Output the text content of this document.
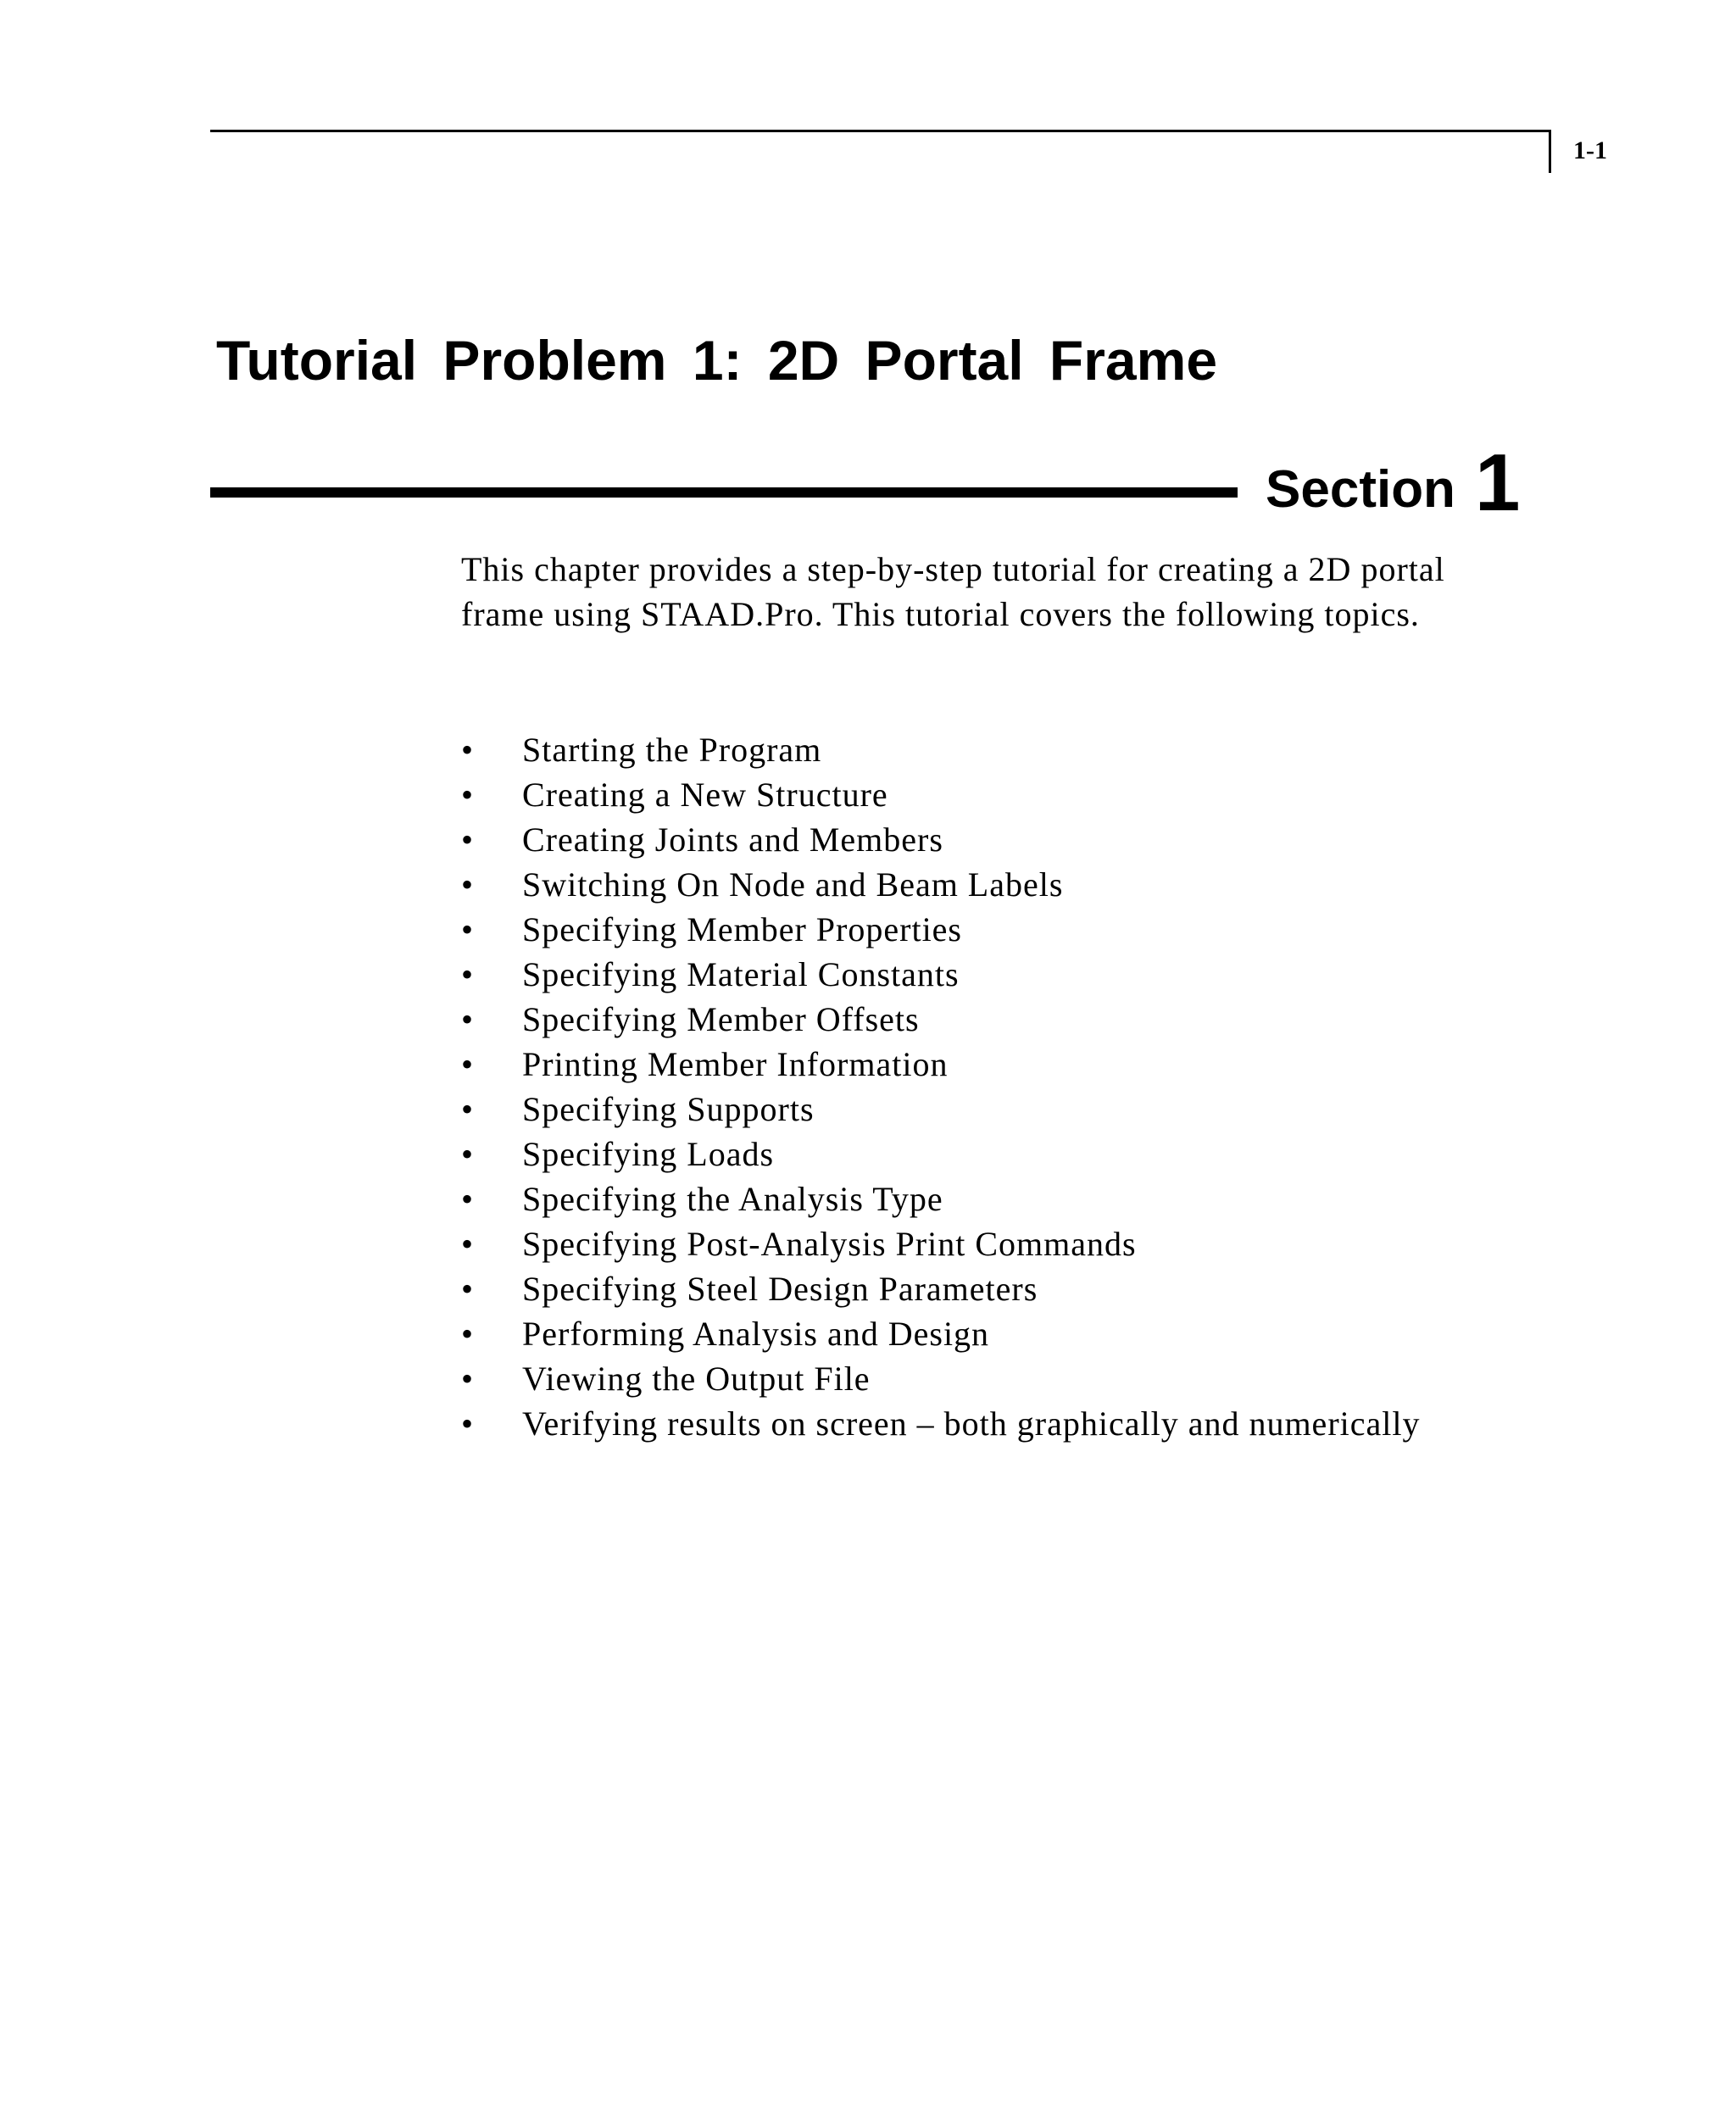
1-1
Tutorial Problem 1: 2D Portal Frame
Section 1

This chapter provides a step-by-step tutorial for creating a 2D portal frame using STAAD.Pro. This tutorial covers the following topics.

• Starting the Program
• Creating a New Structure
• Creating Joints and Members
• Switching On Node and Beam Labels
• Specifying Member Properties
• Specifying Material Constants
• Specifying Member Offsets
• Printing Member Information
• Specifying Supports
• Specifying Loads
• Specifying the Analysis Type
• Specifying Post-Analysis Print Commands
• Specifying Steel Design Parameters
• Performing Analysis and Design
• Viewing the Output File
• Verifying results on screen – both graphically and numerically
